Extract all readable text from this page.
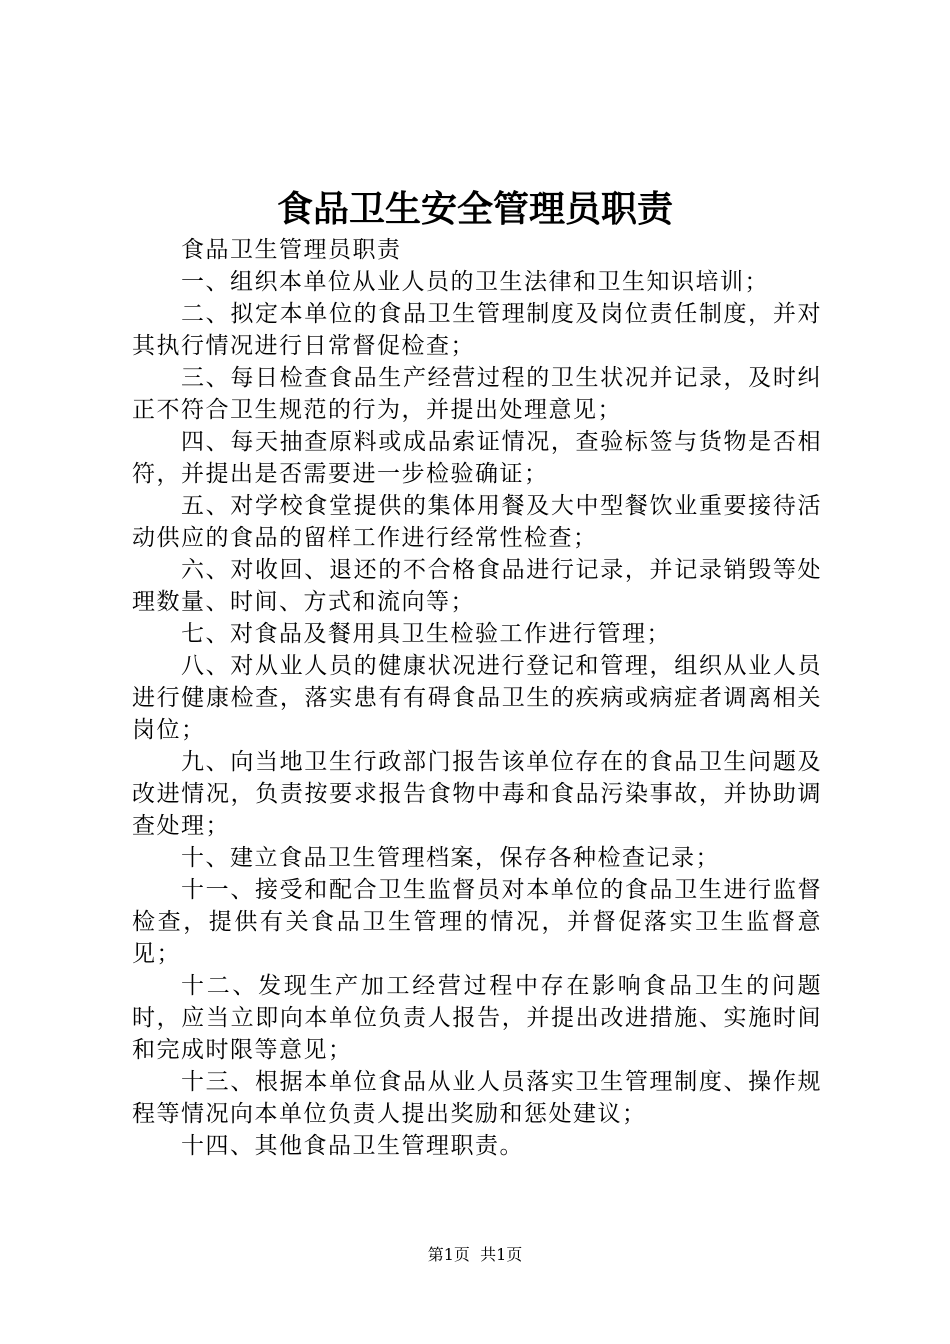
食品卫生安全管理员职责

食品卫生管理员职责

一、组织本单位从业人员的卫生法律和卫生知识培训；

二、拟定本单位的食品卫生管理制度及岗位责任制度，并对其执行情况进行日常督促检查；

三、每日检查食品生产经营过程的卫生状况并记录，及时纠正不符合卫生规范的行为，并提出处理意见；

四、每天抽查原料或成品索证情况，查验标签与货物是否相符，并提出是否需要进一步检验确证；

五、对学校食堂提供的集体用餐及大中型餐饮业重要接待活动供应的食品的留样工作进行经常性检查；

六、对收回、退还的不合格食品进行记录，并记录销毁等处理数量、时间、方式和流向等；

七、对食品及餐用具卫生检验工作进行管理；

八、对从业人员的健康状况进行登记和管理，组织从业人员进行健康检查，落实患有有碍食品卫生的疾病或病症者调离相关岗位；

九、向当地卫生行政部门报告该单位存在的食品卫生问题及改进情况，负责按要求报告食物中毒和食品污染事故，并协助调查处理；

十、建立食品卫生管理档案，保存各种检查记录；

十一、接受和配合卫生监督员对本单位的食品卫生进行监督检查，提供有关食品卫生管理的情况，并督促落实卫生监督意见；

十二、发现生产加工经营过程中存在影响食品卫生的问题时，应当立即向本单位负责人报告，并提出改进措施、实施时间和完成时限等意见；

十三、根据本单位食品从业人员落实卫生管理制度、操作规程等情况向本单位负责人提出奖励和惩处建议；

十四、其他食品卫生管理职责。

第1页  共1页
